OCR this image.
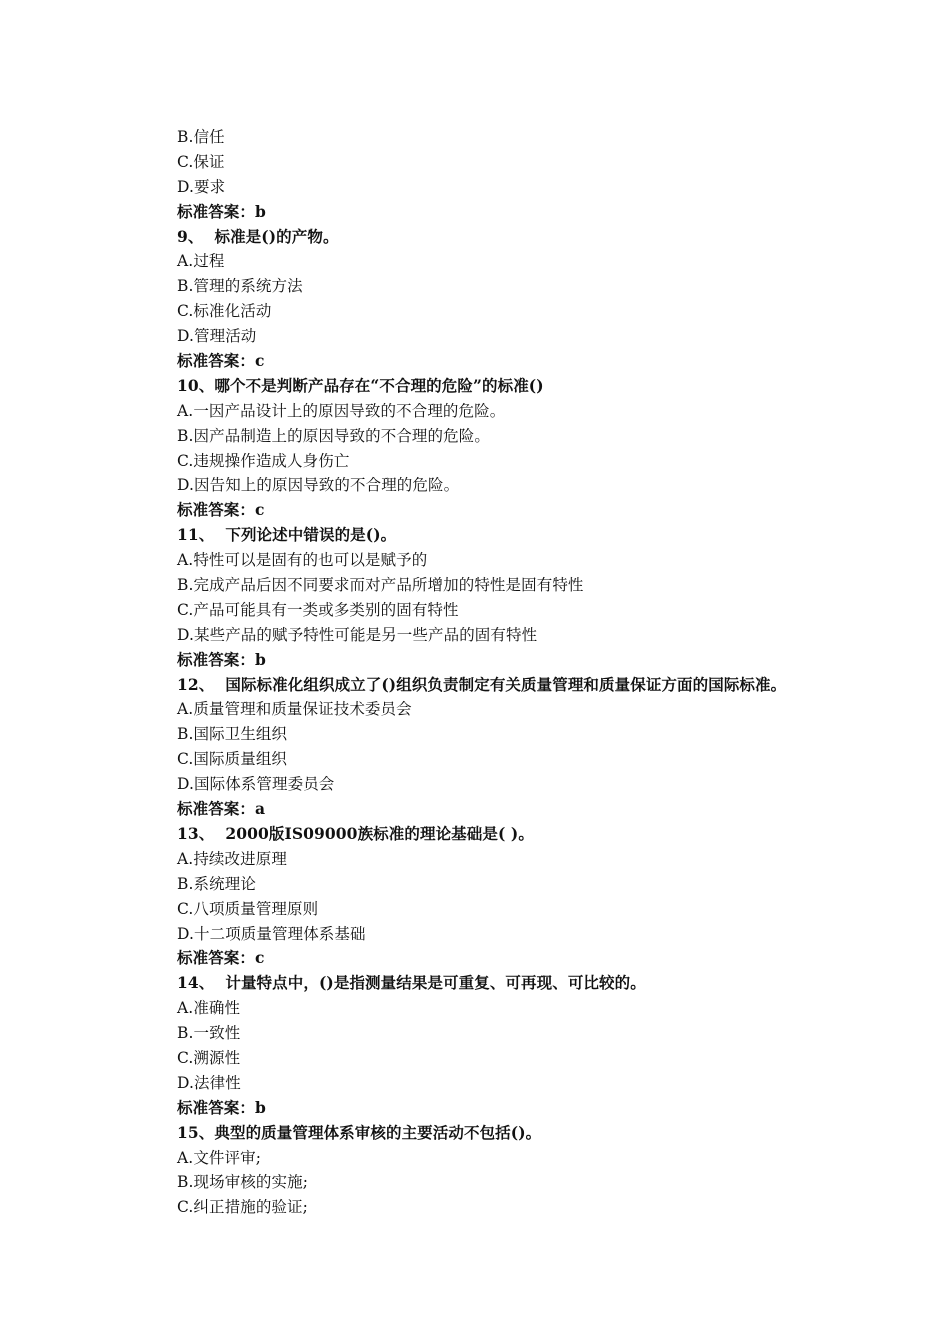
B.信任
C.保证
D.要求
标准答案：b
9、  标准是()的产物。
A.过程
B.管理的系统方法
C.标准化活动
D.管理活动
标准答案：c
10、哪个不是判断产品存在“不合理的危险”的标准()
A.一因产品设计上的原因导致的不合理的危险。
B.因产品制造上的原因导致的不合理的危险。
C.违规操作造成人身伤亡
D.因告知上的原因导致的不合理的危险。
标准答案：c
11、  下列论述中错误的是()。
A.特性可以是固有的也可以是赋予的
B.完成产品后因不同要求而对产品所增加的特性是固有特性
C.产品可能具有一类或多类别的固有特性
D.某些产品的赋予特性可能是另一些产品的固有特性
标准答案：b
12、  国际标准化组织成立了()组织负责制定有关质量管理和质量保证方面的国际标准。
A.质量管理和质量保证技术委员会
B.国际卫生组织
C.国际质量组织
D.国际体系管理委员会
标准答案：a
13、  2000版IS09000族标准的理论基础是( )。
A.持续改进原理
B.系统理论
C.八项质量管理原则
D.十二项质量管理体系基础
标准答案：c
14、  计量特点中，()是指测量结果是可重复、可再现、可比较的。
A.准确性
B.一致性
C.溯源性
D.法律性
标准答案：b
15、典型的质量管理体系审核的主要活动不包括()。
A.文件评审;
B.现场审核的实施;
C.纠正措施的验证;
